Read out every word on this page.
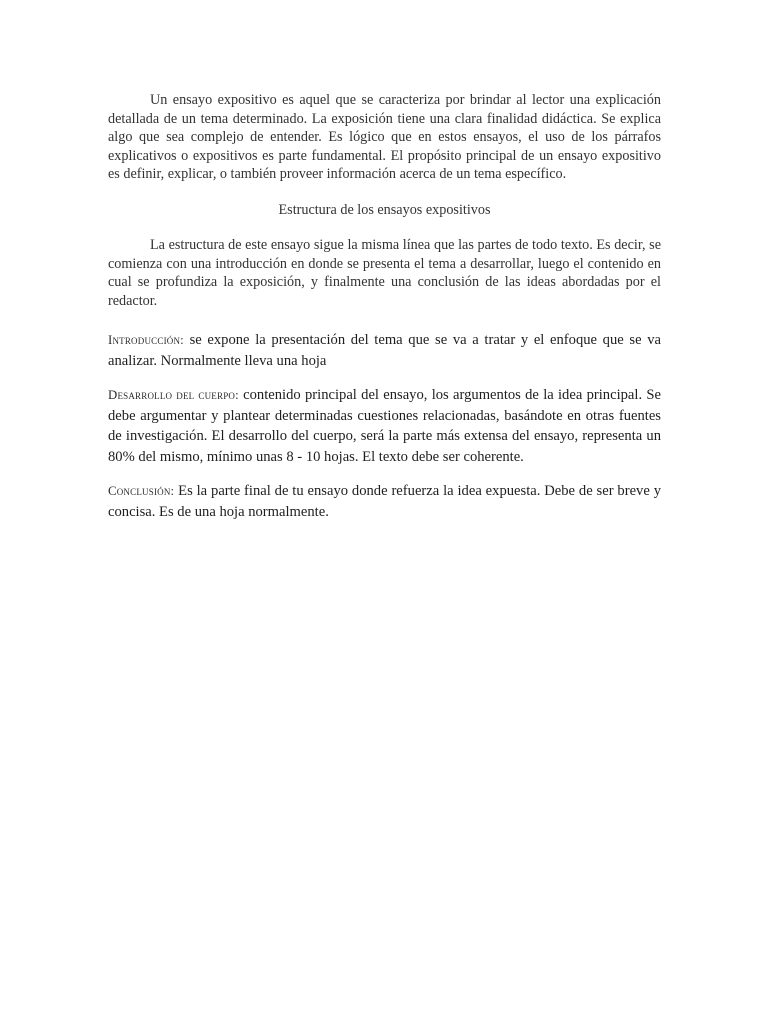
Un ensayo expositivo es aquel que se caracteriza por brindar al lector una explicación detallada de un tema determinado. La exposición tiene una clara finalidad didáctica. Se explica algo que sea complejo de entender. Es lógico que en estos ensayos, el uso de los párrafos explicativos o expositivos es parte fundamental. El propósito principal de un ensayo expositivo es definir, explicar, o también proveer información acerca de un tema específico.

Estructura de los ensayos expositivos

La estructura de este ensayo sigue la misma línea que las partes de todo texto. Es decir, se comienza con una introducción en donde se presenta el tema a desarrollar, luego el contenido en cual se profundiza la exposición, y finalmente una conclusión de las ideas abordadas por el redactor.

Introducción: se expone la presentación del tema que se va a tratar y el enfoque que se va analizar. Normalmente lleva una hoja

Desarrollo del cuerpo: contenido principal del ensayo, los argumentos de la idea principal. Se debe argumentar y plantear determinadas cuestiones relacionadas, basándote en otras fuentes de investigación. El desarrollo del cuerpo, será la parte más extensa del ensayo, representa un 80% del mismo, mínimo unas 8 - 10 hojas. El texto debe ser coherente.

Conclusión: Es la parte final de tu ensayo donde refuerza la idea expuesta. Debe de ser breve y concisa. Es de una hoja normalmente.
